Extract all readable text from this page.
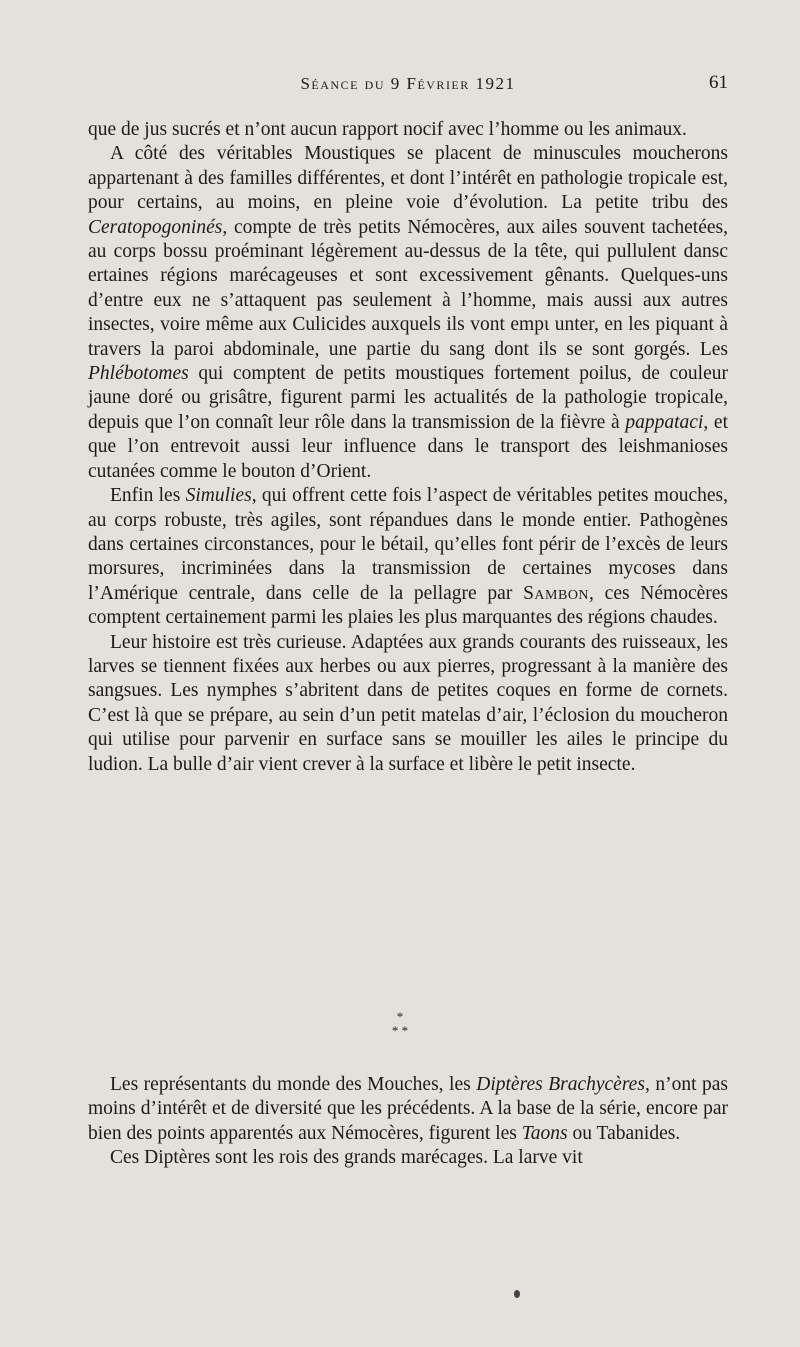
Séance du 9 Février 1921	61

que de jus sucrés et n’ont aucun rapport nocif avec l’homme ou les animaux.

A côté des véritables Moustiques se placent de minuscules moucherons appartenant à des familles différentes, et dont l’intérêt en pathologie tropicale est, pour certains, au moins, en pleine voie d’évolution. La petite tribu des Ceratopogoninés, compte de très petits Némocères, aux ailes souvent tachetées, au corps bossu proéminant légèrement au-dessus de la tête, qui pullulent dansc ertaines régions marécageuses et sont excessivement gênants. Quelques-uns d’entre eux ne s’attaquent pas seulement à l’homme, mais aussi aux autres insectes, voire même aux Culicides auxquels ils vont empι unter, en les piquant à travers la paroi abdominale, une partie du sang dont ils se sont gorgés. Les Phlébotomes qui comptent de petits moustiques fortement poilus, de couleur jaune doré ou grisâtre, figurent parmi les actualités de la pathologie tropicale, depuis que l’on connaît leur rôle dans la transmission de la fièvre à pappataci, et que l’on entrevoit aussi leur influence dans le transport des leishmanioses cutanées comme le bouton d’Orient.

Enfin les Simulies, qui offrent cette fois l’aspect de véritables petites mouches, au corps robuste, très agiles, sont répandues dans le monde entier. Pathogènes dans certaines circonstances, pour le bétail, qu’elles font périr de l’excès de leurs morsures, incriminées dans la transmission de certaines mycoses dans l’Amérique centrale, dans celle de la pellagre par Sambon, ces Némocères comptent certainement parmi les plaies les plus marquantes des régions chaudes.

Leur histoire est très curieuse. Adaptées aux grands courants des ruisseaux, les larves se tiennent fixées aux herbes ou aux pierres, progressant à la manière des sangsues. Les nymphes s’abritent dans de petites coques en forme de cornets. C’est là que se prépare, au sein d’un petit matelas d’air, l’éclosion du moucheron qui utilise pour parvenir en surface sans se mouiller les ailes le principe du ludion. La bulle d’air vient crever à la surface et libère le petit insecte.

*
* *

Les représentants du monde des Mouches, les Diptères Brachycères, n’ont pas moins d’intérêt et de diversité que les précédents. A la base de la série, encore par bien des points apparentés aux Némocères, figurent les Taons ou Tabanides.

Ces Diptères sont les rois des grands marécages. La larve vit
